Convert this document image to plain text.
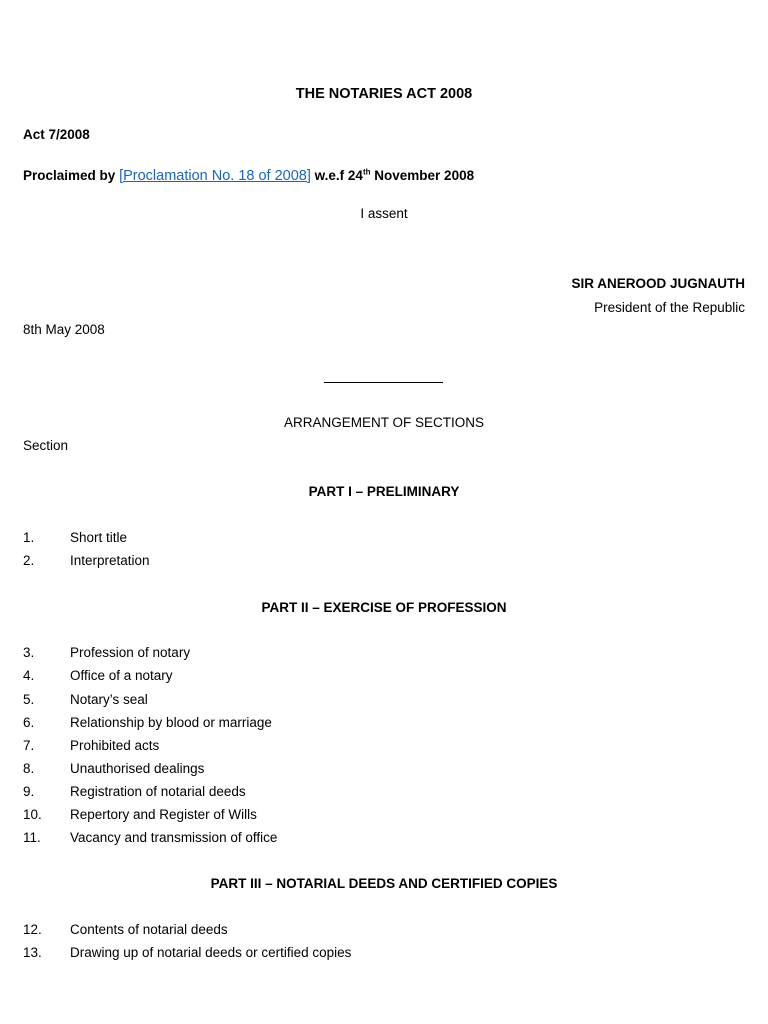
THE NOTARIES ACT 2008
Act 7/2008
Proclaimed by [Proclamation No. 18 of 2008] w.e.f 24th November 2008
I assent
SIR ANEROOD JUGNAUTH
President of the Republic
8th May 2008
ARRANGEMENT OF SECTIONS
Section
PART I – PRELIMINARY
1.	Short title
2.	Interpretation
PART II – EXERCISE OF PROFESSION
3.	Profession of notary
4.	Office of a notary
5.	Notary’s seal
6.	Relationship by blood or marriage
7.	Prohibited acts
8.	Unauthorised dealings
9.	Registration of notarial deeds
10. Repertory and Register of Wills
11. Vacancy and transmission of office
PART III – NOTARIAL DEEDS AND CERTIFIED COPIES
12. Contents of notarial deeds
13. Drawing up of notarial deeds or certified copies
